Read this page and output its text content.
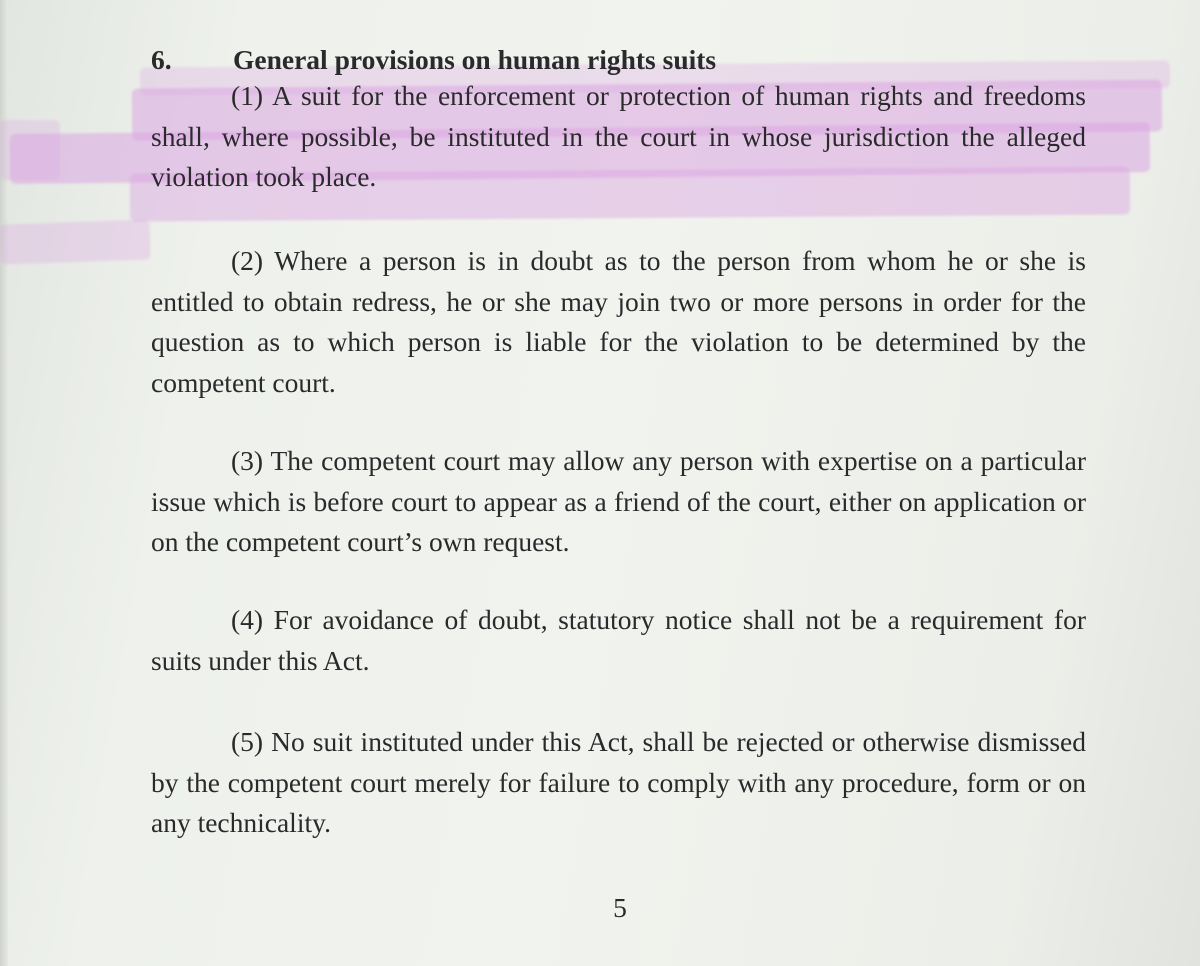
6. General provisions on human rights suits

(1) A suit for the enforcement or protection of human rights and freedoms shall, where possible, be instituted in the court in whose jurisdiction the alleged violation took place.

(2) Where a person is in doubt as to the person from whom he or she is entitled to obtain redress, he or she may join two or more persons in order for the question as to which person is liable for the violation to be determined by the competent court.

(3) The competent court may allow any person with expertise on a particular issue which is before court to appear as a friend of the court, either on application or on the competent court’s own request.

(4) For avoidance of doubt, statutory notice shall not be a requirement for suits under this Act.

(5) No suit instituted under this Act, shall be rejected or otherwise dismissed by the competent court merely for failure to comply with any procedure, form or on any technicality.

5
